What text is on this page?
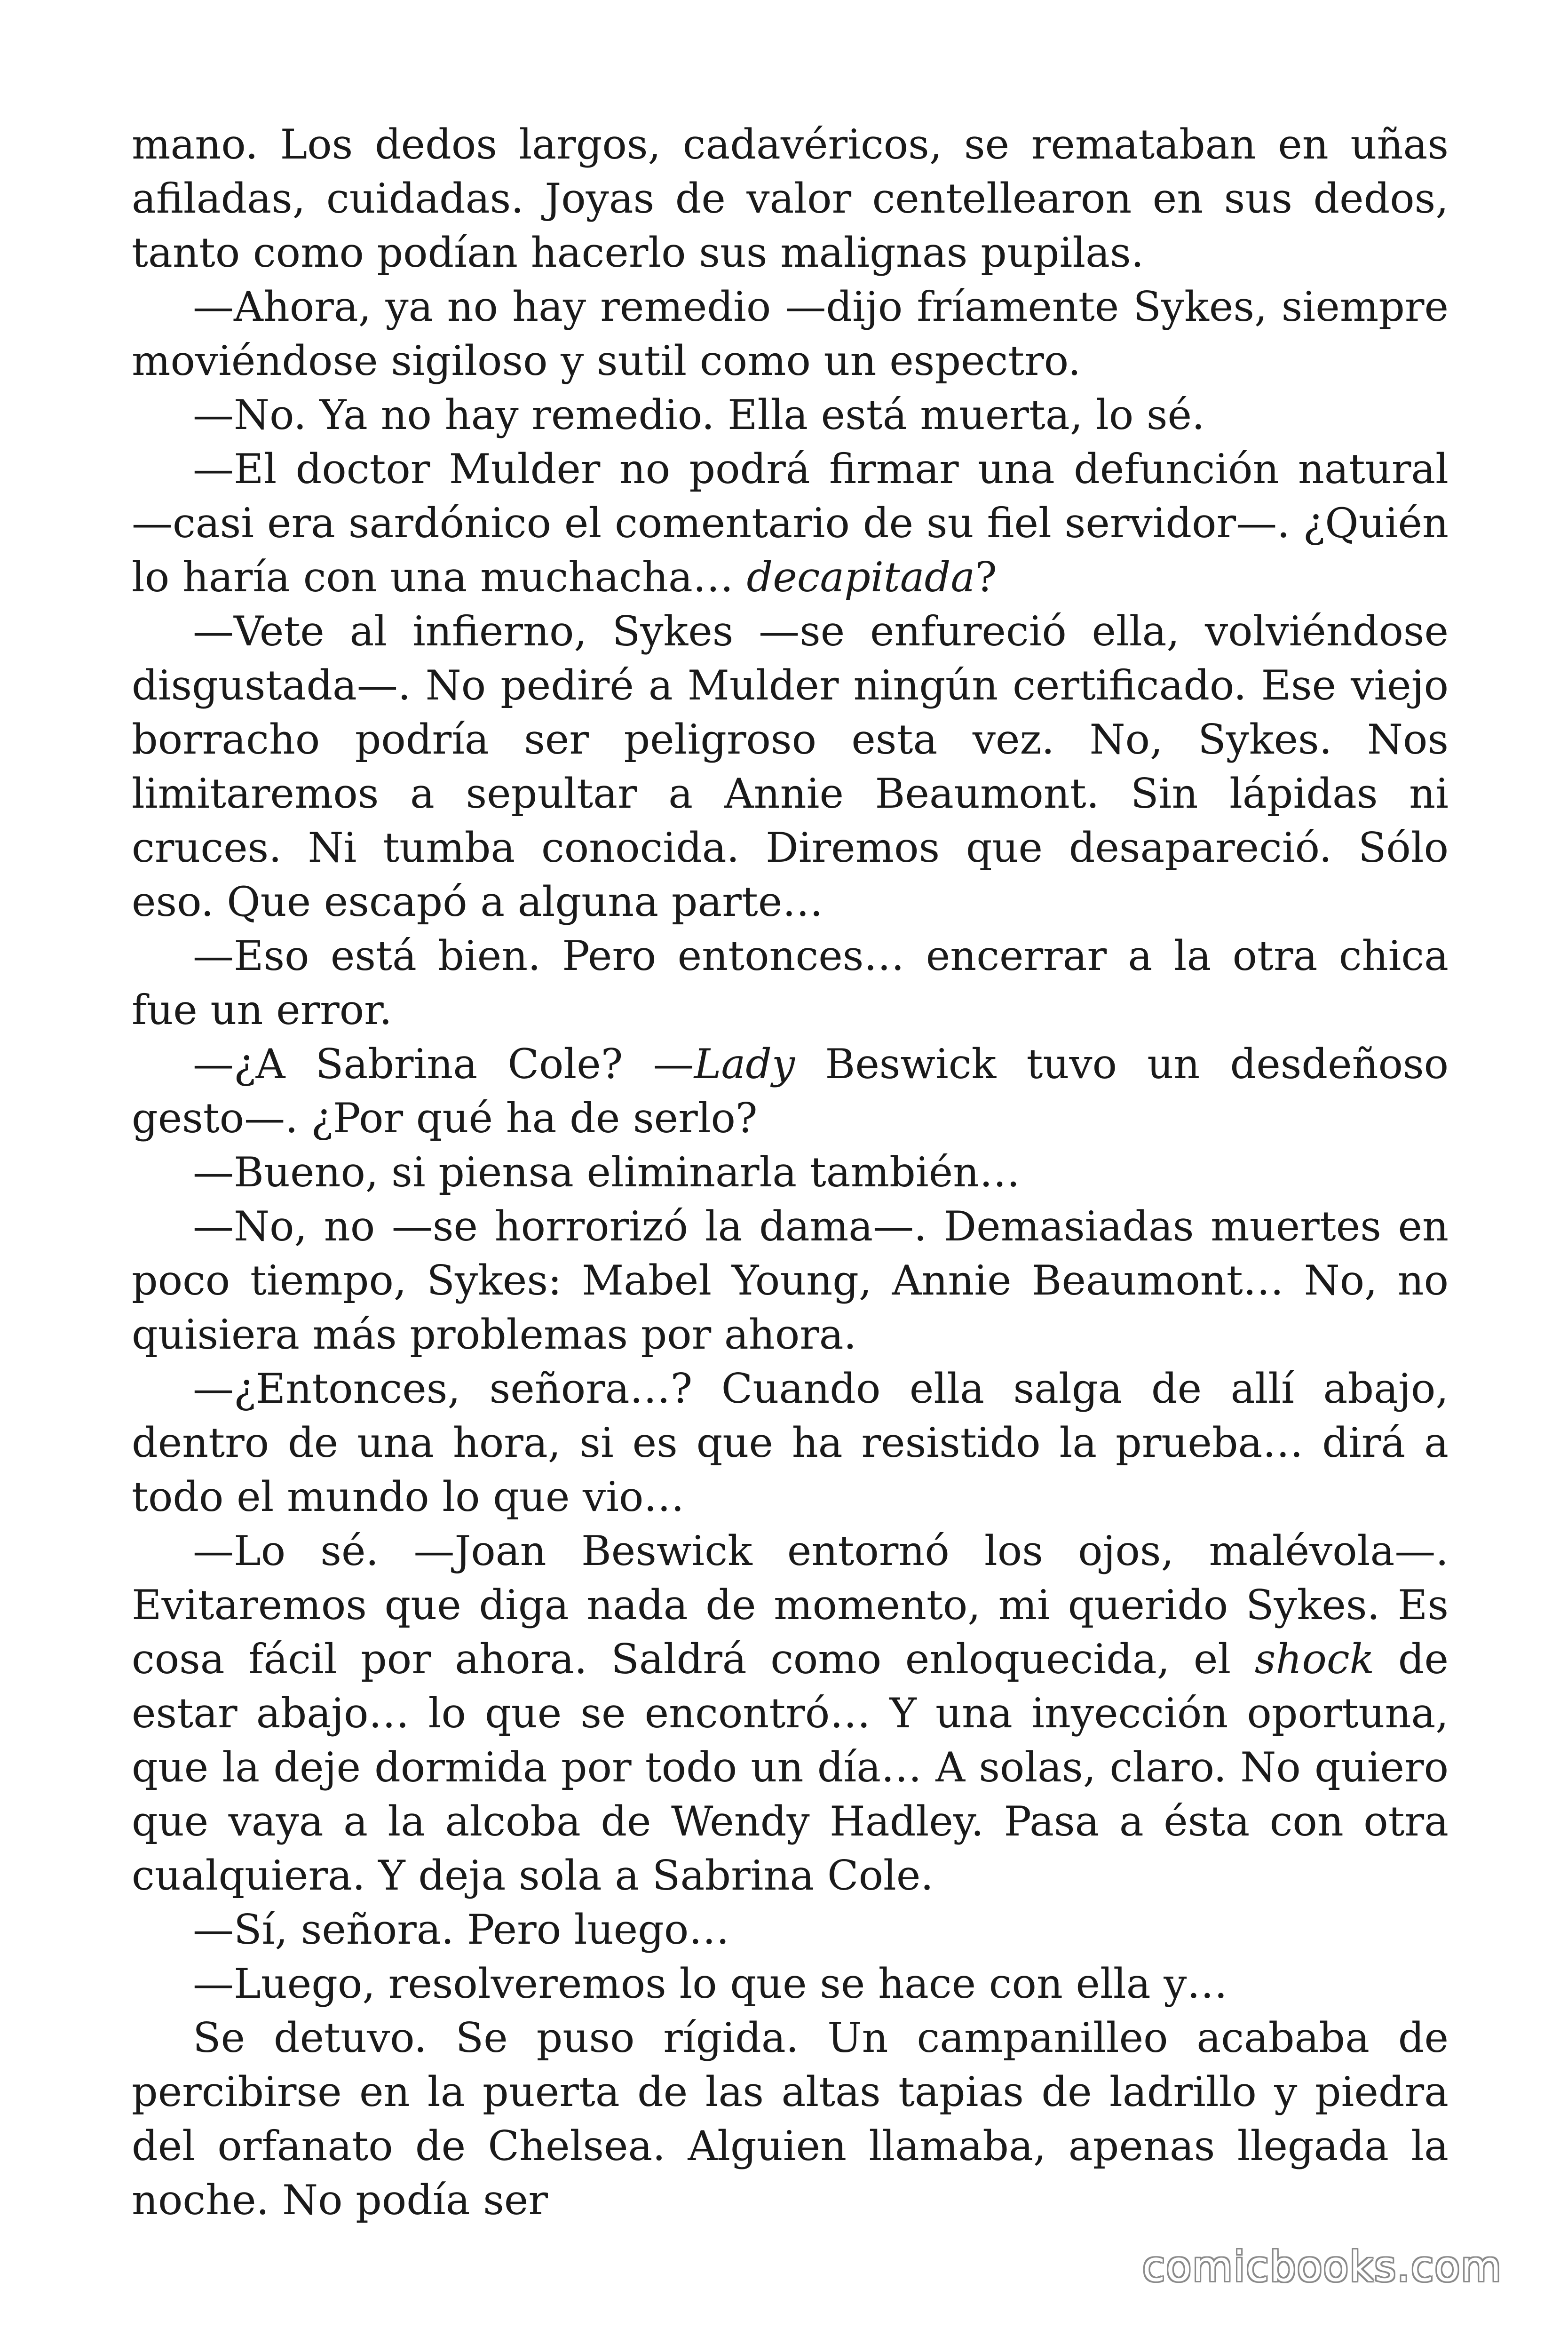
mano. Los dedos largos, cadavéricos, se remataban en uñas afiladas, cuidadas. Joyas de valor centellearon en sus dedos, tanto como podían hacerlo sus malignas pupilas.

—Ahora, ya no hay remedio —dijo fríamente Sykes, siempre moviéndose sigiloso y sutil como un espectro.

—No. Ya no hay remedio. Ella está muerta, lo sé.

—El doctor Mulder no podrá firmar una defunción natural —casi era sardónico el comentario de su fiel servidor—. ¿Quién lo haría con una muchacha… decapitada?

—Vete al infierno, Sykes —se enfureció ella, volviéndose disgustada—. No pediré a Mulder ningún certificado. Ese viejo borracho podría ser peligroso esta vez. No, Sykes. Nos limitaremos a sepultar a Annie Beaumont. Sin lápidas ni cruces. Ni tumba conocida. Diremos que desapareció. Sólo eso. Que escapó a alguna parte…

—Eso está bien. Pero entonces… encerrar a la otra chica fue un error.

—¿A Sabrina Cole? —Lady Beswick tuvo un desdeñoso gesto—. ¿Por qué ha de serlo?

—Bueno, si piensa eliminarla también…

—No, no —se horrorizó la dama—. Demasiadas muertes en poco tiempo, Sykes: Mabel Young, Annie Beaumont… No, no quisiera más problemas por ahora.

—¿Entonces, señora…? Cuando ella salga de allí abajo, dentro de una hora, si es que ha resistido la prueba… dirá a todo el mundo lo que vio…

—Lo sé. —Joan Beswick entornó los ojos, malévola—. Evitaremos que diga nada de momento, mi querido Sykes. Es cosa fácil por ahora. Saldrá como enloquecida, el shock de estar abajo… lo que se encontró… Y una inyección oportuna, que la deje dormida por todo un día… A solas, claro. No quiero que vaya a la alcoba de Wendy Hadley. Pasa a ésta con otra cualquiera. Y deja sola a Sabrina Cole.

—Sí, señora. Pero luego…

—Luego, resolveremos lo que se hace con ella y…

Se detuvo. Se puso rígida. Un campanilleo acababa de percibirse en la puerta de las altas tapias de ladrillo y piedra del orfanato de Chelsea. Alguien llamaba, apenas llegada la noche. No podía ser

comicbooks.com
